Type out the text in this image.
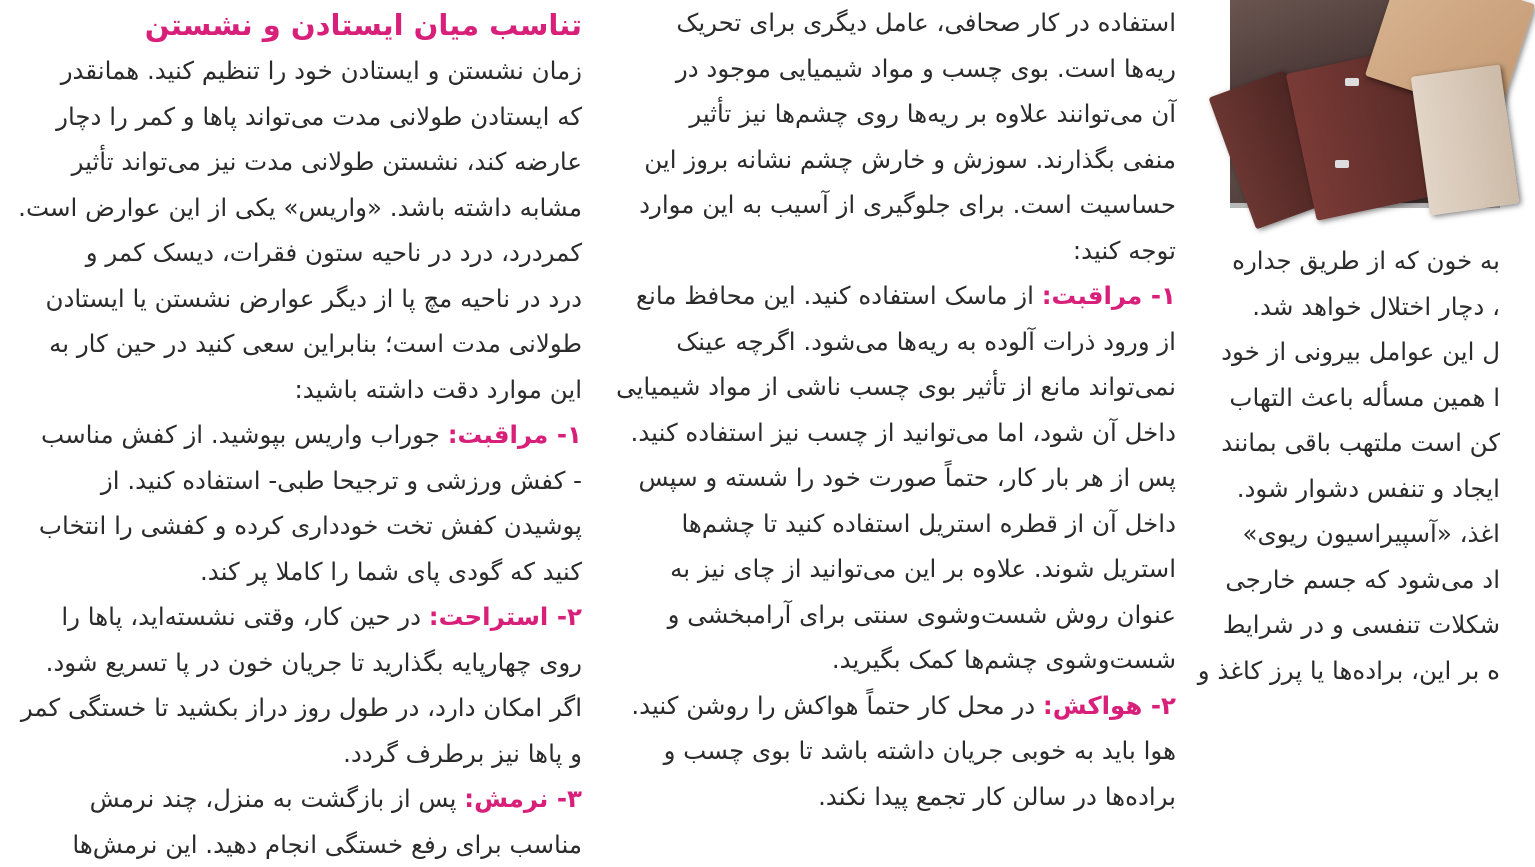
تناسب میان ایستادن و نشستن
زمان نشستن و ایستادن خود را تنظیم کنید. همانقدر
که ایستادن طولانی مدت می‌تواند پاها و کمر را دچار
عارضه کند، نشستن طولانی مدت نیز می‌تواند تأثیر
مشابه داشته باشد. «واریس» یکی از این عوارض است.
کمردرد، درد در ناحیه ستون فقرات، دیسک کمر و
درد در ناحیه مچ پا از دیگر عوارض نشستن یا ایستادن
طولانی مدت است؛ بنابراین سعی کنید در حین کار به
این موارد دقت داشته باشید:
۱- مراقبت: جوراب واریس بپوشید. از کفش مناسب
- کفش ورزشی و ترجیحا طبی- استفاده کنید. از
پوشیدن کفش تخت خودداری کرده و کفشی را انتخاب
کنید که گودی پای شما را کاملا پر کند.
۲- استراحت: در حین کار، وقتی نشسته‌اید، پاها را
روی چهارپایه بگذارید تا جریان خون در پا تسریع شود.
اگر امکان دارد، در طول روز دراز بکشید تا خستگی کمر
و پاها نیز برطرف گردد.
۳- نرمش: پس از بازگشت به منزل، چند نرمش
مناسب برای رفع خستگی انجام دهید. این نرمش‌ها
استفاده در کار صحافی، عامل دیگری برای تحریک
ریه‌ها است. بوی چسب و مواد شیمیایی موجود در
آن می‌توانند علاوه بر ریه‌ها روی چشم‌ها نیز تأثیر
منفی بگذارند. سوزش و خارش چشم نشانه بروز این
حساسیت است. برای جلوگیری از آسیب به این موارد
توجه کنید:
۱- مراقبت: از ماسک استفاده کنید. این محافظ مانع
از ورود ذرات آلوده به ریه‌ها می‌شود. اگرچه عینک
نمی‌تواند مانع از تأثیر بوی چسب ناشی از مواد شیمیایی
داخل آن شود، اما می‌توانید از چسب نیز استفاده کنید.
پس از هر بار کار، حتماً صورت خود را شسته و سپس
داخل آن از قطره استریل استفاده کنید تا چشم‌ها
استریل شوند. علاوه بر این می‌توانید از چای نیز به
عنوان روش شست‌وشوی سنتی برای آرامبخشی و
شست‌وشوی چشم‌ها کمک بگیرید.
۲- هواکش: در محل کار حتماً هواکش را روشن کنید.
هوا باید به خوبی جریان داشته باشد تا بوی چسب و
براده‌ها در سالن کار تجمع پیدا نکند.
به خون که از طریق جداره
، دچار اختلال خواهد شد.
ل این عوامل بیرونی از خود
ا همین مسأله باعث التهاب
کن است ملتهب باقی بمانند
ایجاد و تنفس دشوار شود.
اغذ، «آسپیراسیون ریوی»
اد می‌شود که جسم خارجی
شکلات تنفسی و در شرایط
ه بر این، براده‌ها یا پرز کاغذ و
